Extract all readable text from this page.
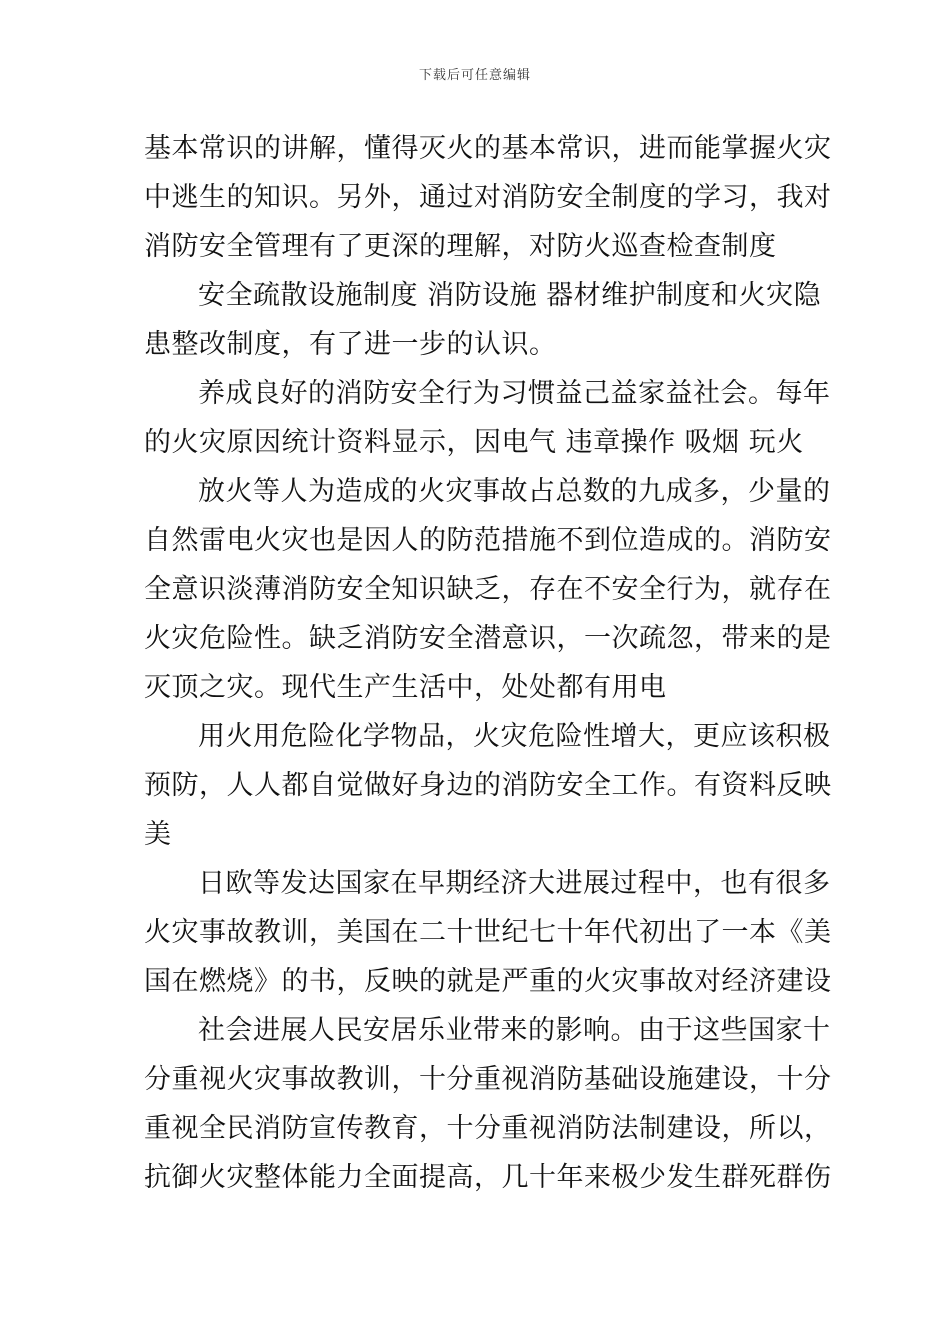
下载后可任意编辑
基本常识的讲解，懂得灭火的基本常识，进而能掌握火灾
中逃生的知识。另外，通过对消防安全制度的学习，我对
消防安全管理有了更深的理解，对防火巡查检查制度
安全疏散设施制度 消防设施 器材维护制度和火灾隐
患整改制度，有了进一步的认识。
养成良好的消防安全行为习惯益己益家益社会。每年
的火灾原因统计资料显示，因电气 违章操作 吸烟 玩火
放火等人为造成的火灾事故占总数的九成多，少量的
自然雷电火灾也是因人的防范措施不到位造成的。消防安
全意识淡薄消防安全知识缺乏，存在不安全行为，就存在
火灾危险性。缺乏消防安全潜意识，一次疏忽，带来的是
灭顶之灾。现代生产生活中，处处都有用电
用火用危险化学物品，火灾危险性增大，更应该积极
预防，人人都自觉做好身边的消防安全工作。有资料反映
美
日欧等发达国家在早期经济大进展过程中，也有很多
火灾事故教训，美国在二十世纪七十年代初出了一本《美
国在燃烧》的书，反映的就是严重的火灾事故对经济建设
社会进展人民安居乐业带来的影响。由于这些国家十
分重视火灾事故教训，十分重视消防基础设施建设，十分
重视全民消防宣传教育，十分重视消防法制建设，所以，
抗御火灾整体能力全面提高，几十年来极少发生群死群伤
